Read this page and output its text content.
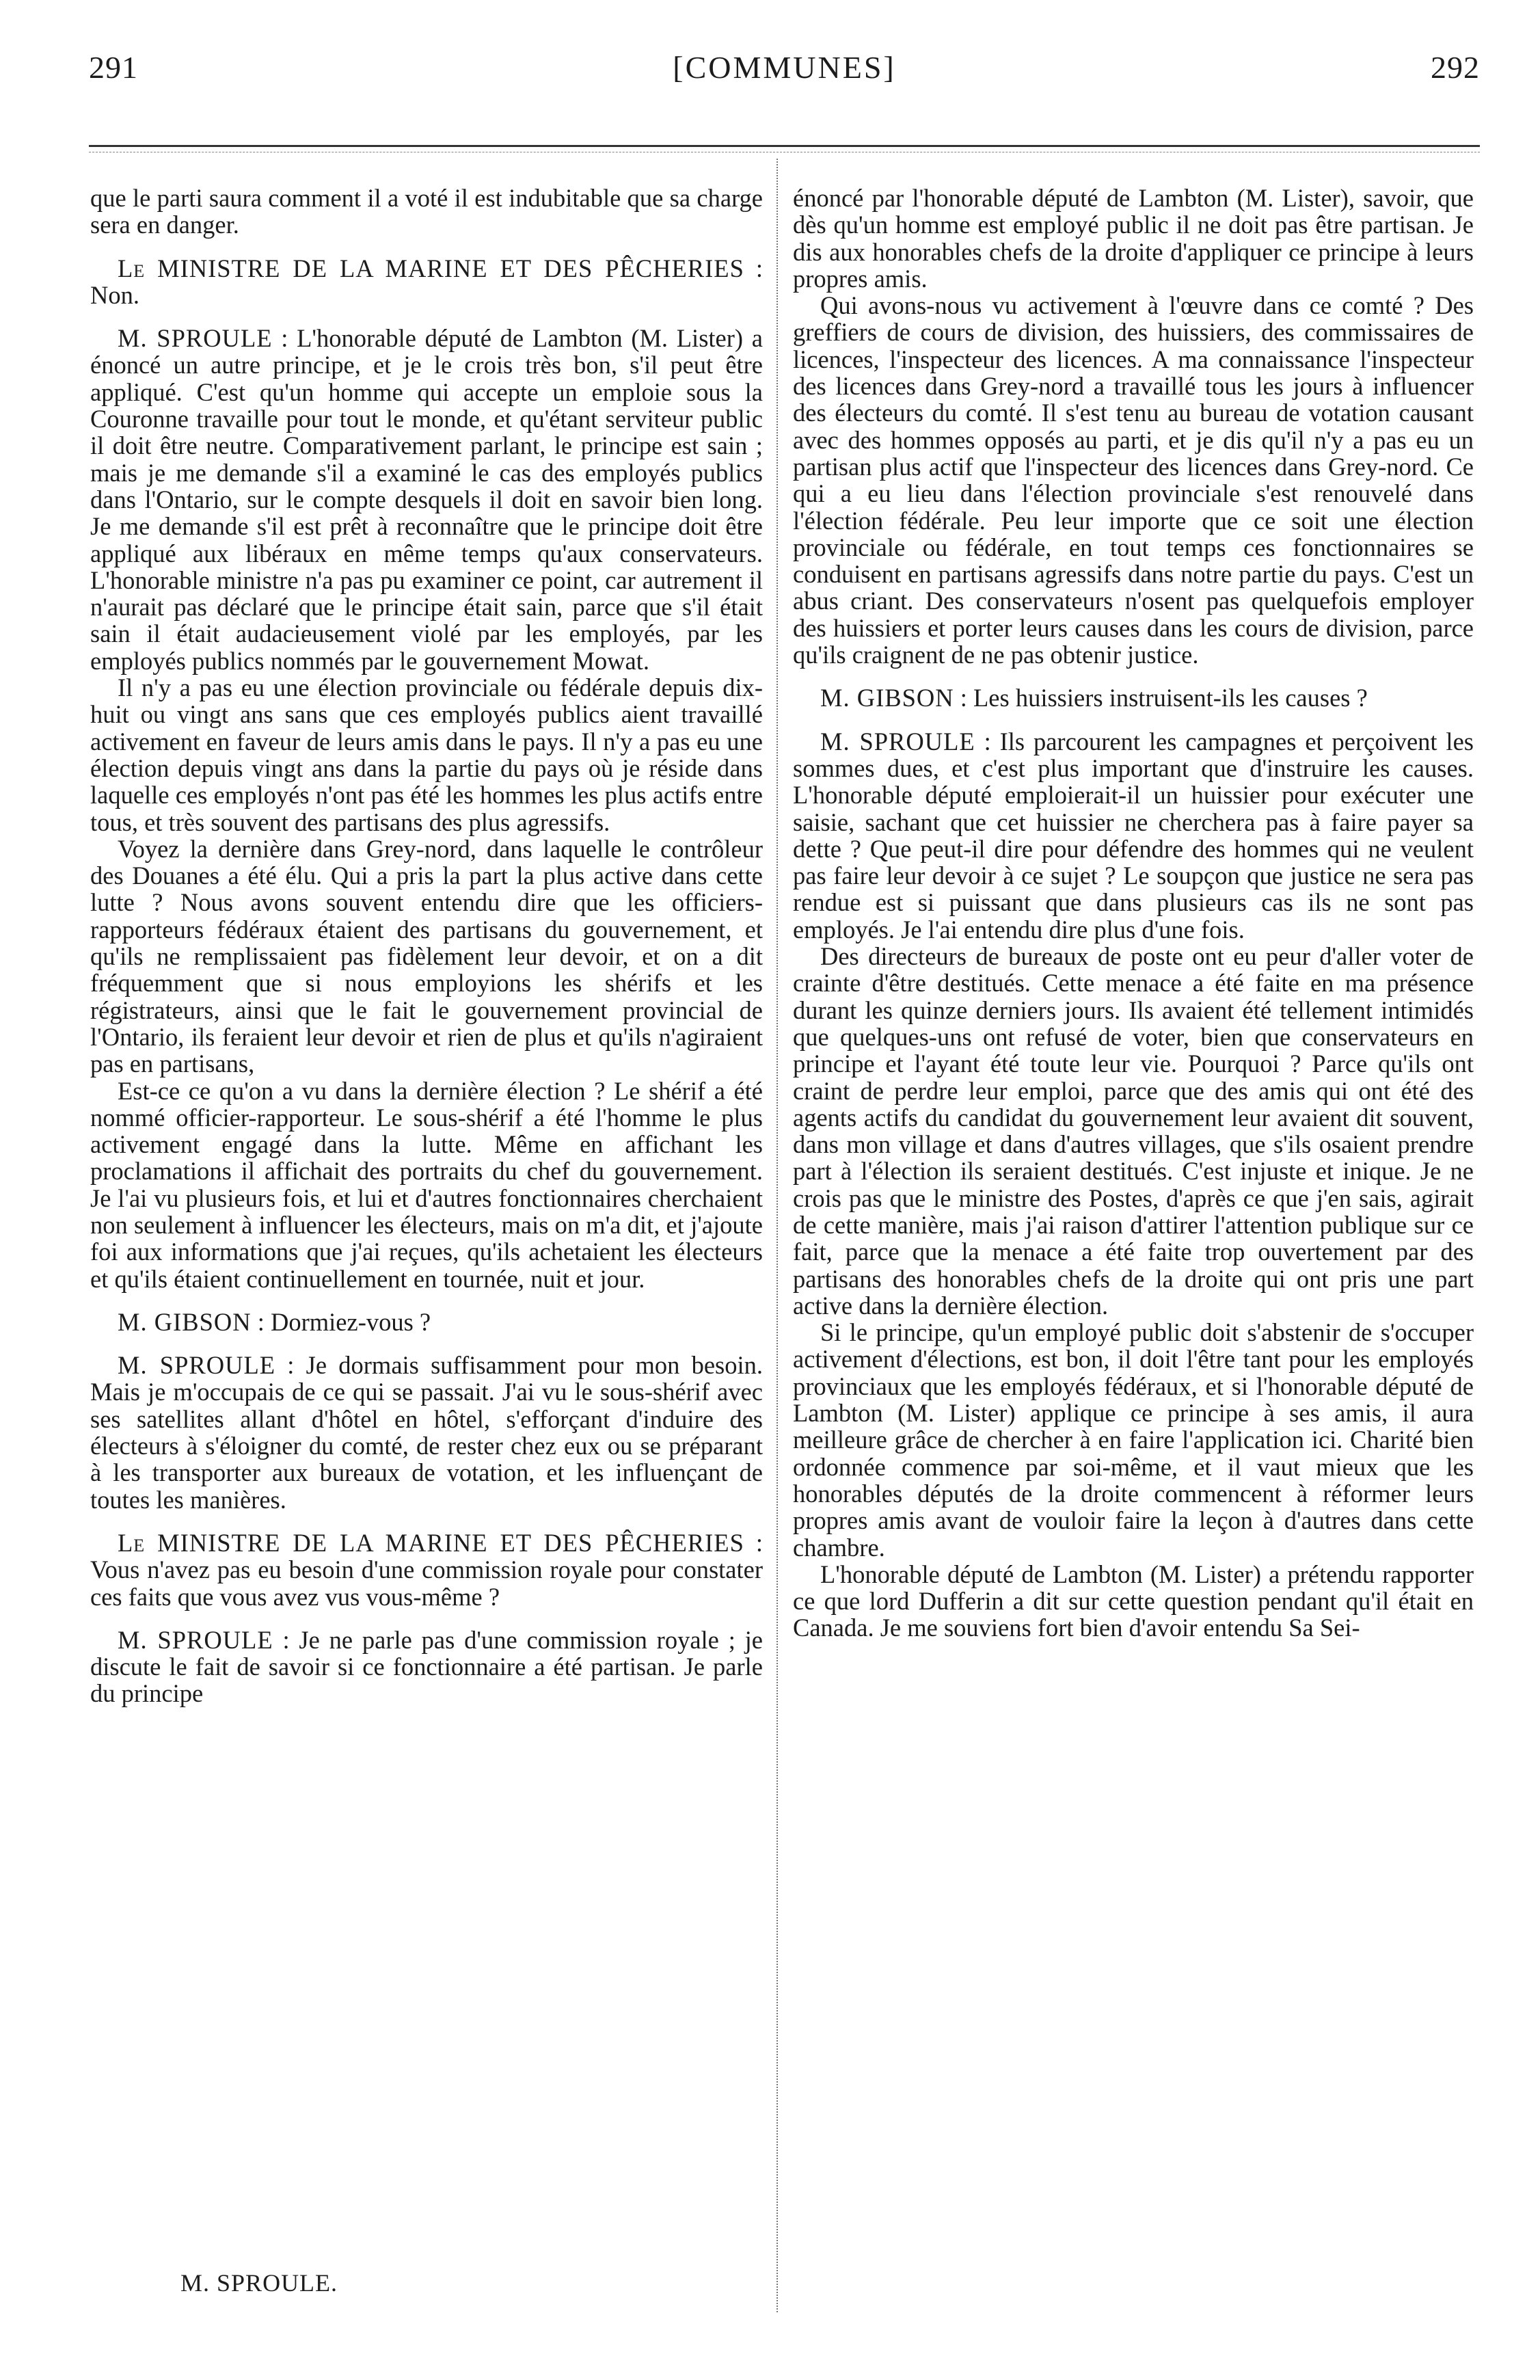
291	[COMMUNES]	292

que le parti saura comment il a voté il est indubitable que sa charge sera en danger.

Le MINISTRE DE LA MARINE ET DES PÊCHERIES : Non.

M. SPROULE : L'honorable député de Lambton (M. Lister) a énoncé un autre principe, et je le crois très bon, s'il peut être appliqué. C'est qu'un homme qui accepte un emploie sous la Couronne travaille pour tout le monde, et qu'étant serviteur public il doit être neutre. Comparativement parlant, le principe est sain ; mais je me demande s'il a examiné le cas des employés publics dans l'Ontario, sur le compte desquels il doit en savoir bien long. Je me demande s'il est prêt à reconnaître que le principe doit être appliqué aux libéraux en même temps qu'aux conservateurs. L'honorable ministre n'a pas pu examiner ce point, car autrement il n'aurait pas déclaré que le principe était sain, parce que s'il était sain il était audacieusement violé par les employés, par les employés publics nommés par le gouvernement Mowat.

Il n'y a pas eu une élection provinciale ou fédérale depuis dix-huit ou vingt ans sans que ces employés publics aient travaillé activement en faveur de leurs amis dans le pays. Il n'y a pas eu une élection depuis vingt ans dans la partie du pays où je réside dans laquelle ces employés n'ont pas été les hommes les plus actifs entre tous, et très souvent des partisans des plus agressifs.

Voyez la dernière dans Grey-nord, dans laquelle le contrôleur des Douanes a été élu. Qui a pris la part la plus active dans cette lutte ? Nous avons souvent entendu dire que les officiers-rapporteurs fédéraux étaient des partisans du gouvernement, et qu'ils ne remplissaient pas fidèlement leur devoir, et on a dit fréquemment que si nous employions les shérifs et les régistrateurs, ainsi que le fait le gouvernement provincial de l'Ontario, ils feraient leur devoir et rien de plus et qu'ils n'agiraient pas en partisans,

Est-ce ce qu'on a vu dans la dernière élection ? Le shérif a été nommé officier-rapporteur. Le sous-shérif a été l'homme le plus activement engagé dans la lutte. Même en affichant les proclamations il affichait des portraits du chef du gouvernement. Je l'ai vu plusieurs fois, et lui et d'autres fonctionnaires cherchaient non seulement à influencer les électeurs, mais on m'a dit, et j'ajoute foi aux informations que j'ai reçues, qu'ils achetaient les électeurs et qu'ils étaient continuellement en tournée, nuit et jour.

M. GIBSON : Dormiez-vous ?

M. SPROULE : Je dormais suffisamment pour mon besoin. Mais je m'occupais de ce qui se passait. J'ai vu le sous-shérif avec ses satellites allant d'hôtel en hôtel, s'efforçant d'induire des électeurs à s'éloigner du comté, de rester chez eux ou se préparant à les transporter aux bureaux de votation, et les influençant de toutes les manières.

Le MINISTRE DE LA MARINE ET DES PÊCHERIES : Vous n'avez pas eu besoin d'une commission royale pour constater ces faits que vous avez vus vous-même ?

M. SPROULE : Je ne parle pas d'une commission royale ; je discute le fait de savoir si ce fonctionnaire a été partisan. Je parle du principe

énoncé par l'honorable député de Lambton (M. Lister), savoir, que dès qu'un homme est employé public il ne doit pas être partisan. Je dis aux honorables chefs de la droite d'appliquer ce principe à leurs propres amis.

Qui avons-nous vu activement à l'œuvre dans ce comté ? Des greffiers de cours de division, des huissiers, des commissaires de licences, l'inspecteur des licences. A ma connaissance l'inspecteur des licences dans Grey-nord a travaillé tous les jours à influencer des électeurs du comté. Il s'est tenu au bureau de votation causant avec des hommes opposés au parti, et je dis qu'il n'y a pas eu un partisan plus actif que l'inspecteur des licences dans Grey-nord. Ce qui a eu lieu dans l'élection provinciale s'est renouvelé dans l'élection fédérale. Peu leur importe que ce soit une élection provinciale ou fédérale, en tout temps ces fonctionnaires se conduisent en partisans agressifs dans notre partie du pays. C'est un abus criant. Des conservateurs n'osent pas quelquefois employer des huissiers et porter leurs causes dans les cours de division, parce qu'ils craignent de ne pas obtenir justice.

M. GIBSON : Les huissiers instruisent-ils les causes ?

M. SPROULE : Ils parcourent les campagnes et perçoivent les sommes dues, et c'est plus important que d'instruire les causes. L'honorable député emploierait-il un huissier pour exécuter une saisie, sachant que cet huissier ne cherchera pas à faire payer sa dette ? Que peut-il dire pour défendre des hommes qui ne veulent pas faire leur devoir à ce sujet ? Le soupçon que justice ne sera pas rendue est si puissant que dans plusieurs cas ils ne sont pas employés. Je l'ai entendu dire plus d'une fois.

Des directeurs de bureaux de poste ont eu peur d'aller voter de crainte d'être destitués. Cette menace a été faite en ma présence durant les quinze derniers jours. Ils avaient été tellement intimidés que quelques-uns ont refusé de voter, bien que conservateurs en principe et l'ayant été toute leur vie. Pourquoi ? Parce qu'ils ont craint de perdre leur emploi, parce que des amis qui ont été des agents actifs du candidat du gouvernement leur avaient dit souvent, dans mon village et dans d'autres villages, que s'ils osaient prendre part à l'élection ils seraient destitués. C'est injuste et inique. Je ne crois pas que le ministre des Postes, d'après ce que j'en sais, agirait de cette manière, mais j'ai raison d'attirer l'attention publique sur ce fait, parce que la menace a été faite trop ouvertement par des partisans des honorables chefs de la droite qui ont pris une part active dans la dernière élection.

Si le principe, qu'un employé public doit s'abstenir de s'occuper activement d'élections, est bon, il doit l'être tant pour les employés provinciaux que les employés fédéraux, et si l'honorable député de Lambton (M. Lister) applique ce principe à ses amis, il aura meilleure grâce de chercher à en faire l'application ici. Charité bien ordonnée commence par soi-même, et il vaut mieux que les honorables députés de la droite commencent à réformer leurs propres amis avant de vouloir faire la leçon à d'autres dans cette chambre.

L'honorable député de Lambton (M. Lister) a prétendu rapporter ce que lord Dufferin a dit sur cette question pendant qu'il était en Canada. Je me souviens fort bien d'avoir entendu Sa Sei-

M. SPROULE.
